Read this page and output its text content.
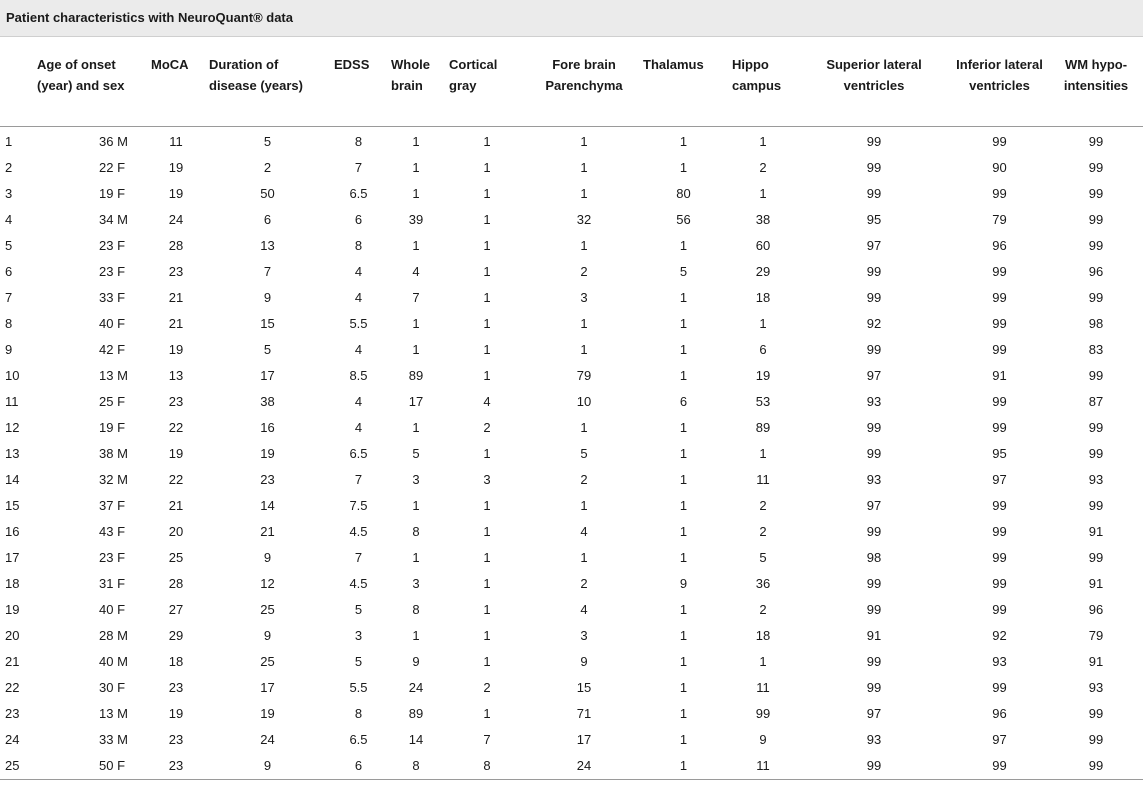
Patient characteristics with NeuroQuant® data
	Age of onset (year) and sex	MoCA	Duration of disease (years)	EDSS	Whole brain	Cortical gray	Fore brain Parenchyma	Thalamus	Hippo campus	Superior lateral ventricles	Inferior lateral ventricles	WM hypo-intensities
1	36 M	11	5	8	1	1	1	1	1	99	99	99
2	22 F	19	2	7	1	1	1	1	2	99	90	99
3	19 F	19	50	6.5	1	1	1	80	1	99	99	99
4	34 M	24	6	6	39	1	32	56	38	95	79	99
5	23 F	28	13	8	1	1	1	1	60	97	96	99
6	23 F	23	7	4	4	1	2	5	29	99	99	96
7	33 F	21	9	4	7	1	3	1	18	99	99	99
8	40 F	21	15	5.5	1	1	1	1	1	92	99	98
9	42 F	19	5	4	1	1	1	1	6	99	99	83
10	13 M	13	17	8.5	89	1	79	1	19	97	91	99
11	25 F	23	38	4	17	4	10	6	53	93	99	87
12	19 F	22	16	4	1	2	1	1	89	99	99	99
13	38 M	19	19	6.5	5	1	5	1	1	99	95	99
14	32 M	22	23	7	3	3	2	1	11	93	97	93
15	37 F	21	14	7.5	1	1	1	1	2	97	99	99
16	43 F	20	21	4.5	8	1	4	1	2	99	99	91
17	23 F	25	9	7	1	1	1	1	5	98	99	99
18	31 F	28	12	4.5	3	1	2	9	36	99	99	91
19	40 F	27	25	5	8	1	4	1	2	99	99	96
20	28 M	29	9	3	1	1	3	1	18	91	92	79
21	40 M	18	25	5	9	1	9	1	1	99	93	91
22	30 F	23	17	5.5	24	2	15	1	11	99	99	93
23	13 M	19	19	8	89	1	71	1	99	97	96	99
24	33 M	23	24	6.5	14	7	17	1	9	93	97	99
25	50 F	23	9	6	8	8	24	1	11	99	99	99
